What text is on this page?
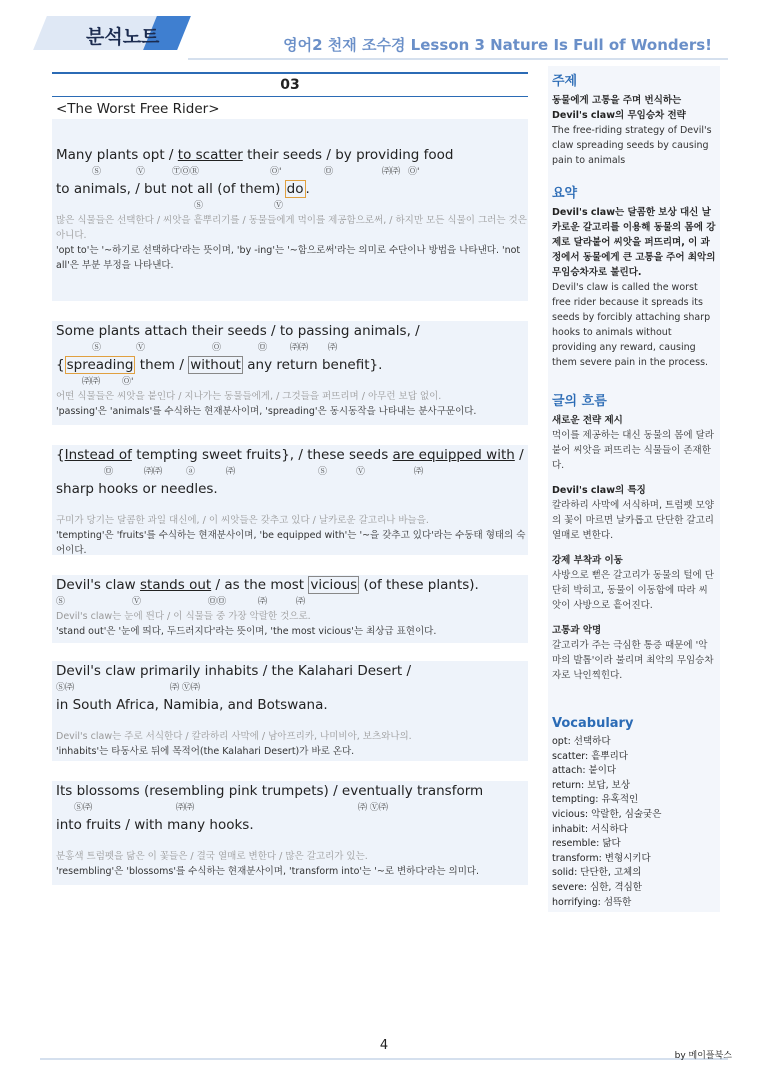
분석노트	영어2 천재 조수경 Lesson 3 Nature Is Full of Wonders!
03
<The Worst Free Rider>
Many plants opt / to scatter their seeds / by providing food
Ⓢ	Ⓥ	ⓉⓄⓇ	Ⓞ'	㉤	㈜㈜ Ⓞ'
to animals, / but not all (of them) do .
Ⓢ	Ⓥ
많은 식물들은 선택한다 / 씨앗을 흩뿌리기를 / 동물들에게 먹이를 제공함으로써, / 하지만 모든 식물이 그러는 것은 아니다.
'opt to'는 '~하기로 선택하다'라는 뜻이며, 'by -ing'는 '~함으로써'라는 의미로 수단이나 방법을 나타낸다. 'not all'은 부분 부정을 나타낸다.
Some plants attach their seeds / to passing animals, /
Ⓢ	Ⓥ	Ⓞ	㉤	㈜㈜ ㈜
{ spreading them / without any return benefit}.
㈜㈜ Ⓞ'
어떤 식물들은 씨앗을 붙인다 / 지나가는 동물들에게, / 그것들을 퍼뜨리며 / 아무런 보답 없이.
'passing'은 'animals'를 수식하는 현재분사이며, 'spreading'은 동시동작을 나타내는 분사구문이다.
{Instead of tempting sweet fruits}, / these seeds are equipped with /
㉤	㈜㈜	ⓐ	㈜	Ⓢ	Ⓥ	㈜
sharp hooks or needles.
구미가 당기는 달콤한 과일 대신에, / 이 씨앗들은 갖추고 있다 / 날카로운 갈고리나 바늘을.
'tempting'은 'fruits'를 수식하는 현재분사이며, 'be equipped with'는 '~을 갖추고 있다'라는 수동태 형태의 숙어이다.
Devil's claw stands out / as the most vicious (of these plants).
Ⓢ	Ⓥ	㉤㉤	㈜	㈜
Devil's claw는 눈에 띈다 / 이 식물들 중 가장 악랄한 것으로.
'stand out'은 '눈에 띄다, 두드러지다'라는 뜻이며, 'the most vicious'는 최상급 표현이다.
Devil's claw primarily inhabits / the Kalahari Desert /
Ⓢ㈜	㈜ Ⓥ㈜
in South Africa, Namibia, and Botswana.
Devil's claw는 주로 서식한다 / 칼라하리 사막에 / 남아프리카, 나미비아, 보츠와나의.
'inhabits'는 타동사로 뒤에 목적어(the Kalahari Desert)가 바로 온다.
Its blossoms (resembling pink trumpets) / eventually transform
Ⓢ㈜	㈜㈜	㈜ Ⓥ㈜
into fruits / with many hooks.
분홍색 트럼펫을 닮은 이 꽃들은 / 결국 열매로 변한다 / 많은 갈고리가 있는.
'resembling'은 'blossoms'를 수식하는 현재분사이며, 'transform into'는 '~로 변하다'라는 의미다.
주제
동물에게 고통을 주며 번식하는 Devil's claw의 무임승차 전략
The free-riding strategy of Devil's claw spreading seeds by causing pain to animals
요약
Devil's claw는 달콤한 보상 대신 날카로운 갈고리를 이용해 동물의 몸에 강제로 달라붙어 씨앗을 퍼뜨리며, 이 과정에서 동물에게 큰 고통을 주어 최악의 무임승차자로 불린다.
Devil's claw is called the worst free rider because it spreads its seeds by forcibly attaching sharp hooks to animals without providing any reward, causing them severe pain in the process.
글의 흐름
새로운 전략 제시
먹이를 제공하는 대신 동물의 몸에 달라붙어 씨앗을 퍼뜨리는 식물들이 존재한다.
Devil's claw의 특징
칼라하리 사막에 서식하며, 트럼펫 모양의 꽃이 마르면 날카롭고 단단한 갈고리 열매로 변한다.
강제 부착과 이동
사방으로 뻗은 갈고리가 동물의 털에 단단히 박히고, 동물이 이동함에 따라 씨앗이 사방으로 흩어진다.
고통과 악명
갈고리가 주는 극심한 통증 때문에 '악마의 발톱'이라 불리며 최악의 무임승차자로 낙인찍힌다.
Vocabulary
opt: 선택하다
scatter: 흩뿌리다
attach: 붙이다
return: 보답, 보상
tempting: 유혹적인
vicious: 악랄한, 심술궂은
inhabit: 서식하다
resemble: 닮다
transform: 변형시키다
solid: 단단한, 고체의
severe: 심한, 격심한
horrifying: 섬뜩한
4
by 메이플북스
